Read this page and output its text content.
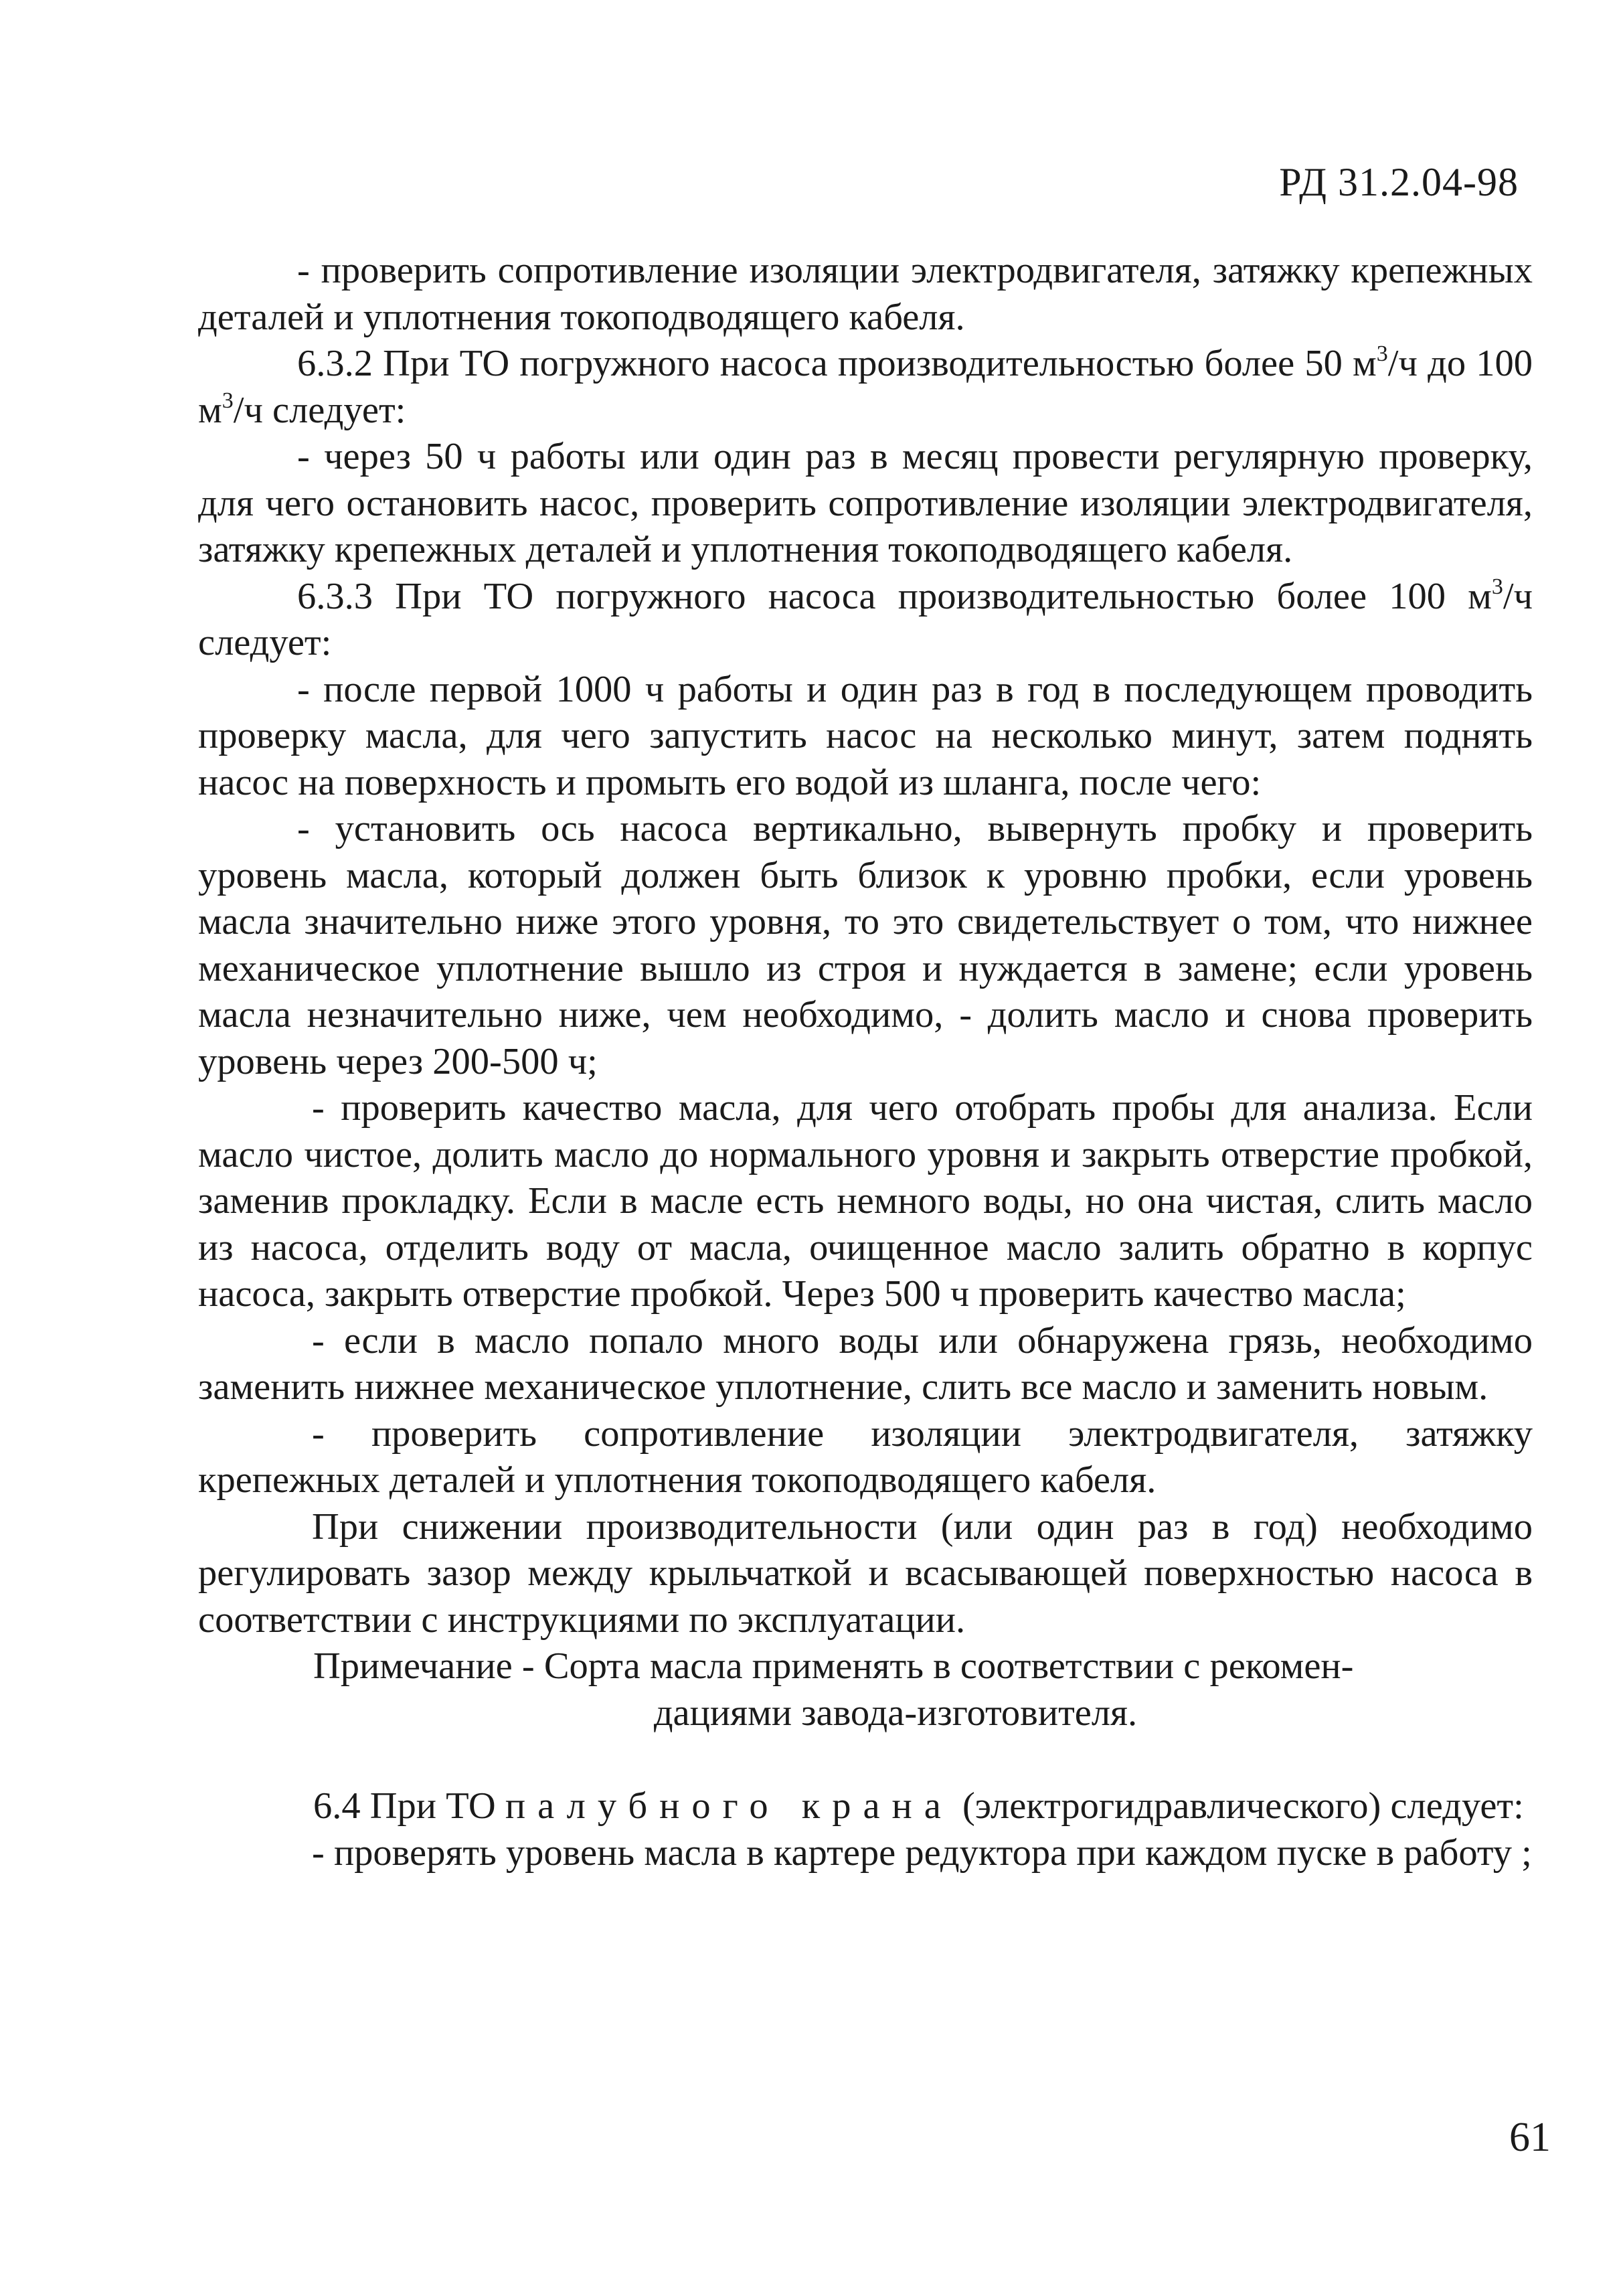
РД 31.2.04-98

- проверить сопротивление изоляции электродвигателя, затяжку крепежных деталей и уплотнения токоподводящего кабеля.

6.3.2 При ТО погружного насоса производительностью более 50 $м^3/ч$ до 100 $м^3/ч$ следует:

- через 50 ч работы или один раз в месяц провести регулярную проверку, для чего остановить насос, проверить сопротивление изоляции электродвигателя, затяжку крепежных деталей и уплотнения токоподводящего кабеля.

6.3.3 При ТО погружного насоса производительностью более 100 $м^3/ч$ следует:

- после первой 1000 ч работы и один раз в год в последующем проводить проверку масла, для чего запустить насос на несколько минут, затем поднять насос на поверхность и промыть его водой из шланга, после чего:

- установить ось насоса вертикально, вывернуть пробку и проверить уровень масла, который должен быть близок к уровню пробки, если уровень масла значительно ниже этого уровня, то это свидетельствует о том, что нижнее механическое уплотнение вышло из строя и нуждается в замене; если уровень масла незначительно ниже, чем необходимо, - долить масло и снова проверить уровень через 200-500 ч;

- проверить качество масла, для чего отобрать пробы для анализа. Если масло чистое, долить масло до нормального уровня и закрыть отверстие пробкой, заменив прокладку. Если в масле есть немного воды, но она чистая, слить масло из насоса, отделить воду от масла, очищенное масло залить обратно в корпус насоса, закрыть отверстие пробкой. Через 500 ч проверить качество масла;

- если в масло попало много воды или обнаружена грязь, необходимо заменить нижнее механическое уплотнение, слить все масло и заменить новым.

- проверить сопротивление изоляции электродвигателя, затяжку крепежных деталей и уплотнения токоподводящего кабеля.

При снижении производительности (или один раз в год) необходимо регулировать зазор между крыльчаткой и всасывающей поверхностью насоса в соответствии с инструкциями по эксплуатации.

Примечание - Сорта масла применять в соответствии с рекомен-

дациями завода-изготовителя.

6.4 При ТО палубного крана (электрогидравлического) следует:

- проверять уровень масла в картере редуктора при каждом пуске в работу ;

61
